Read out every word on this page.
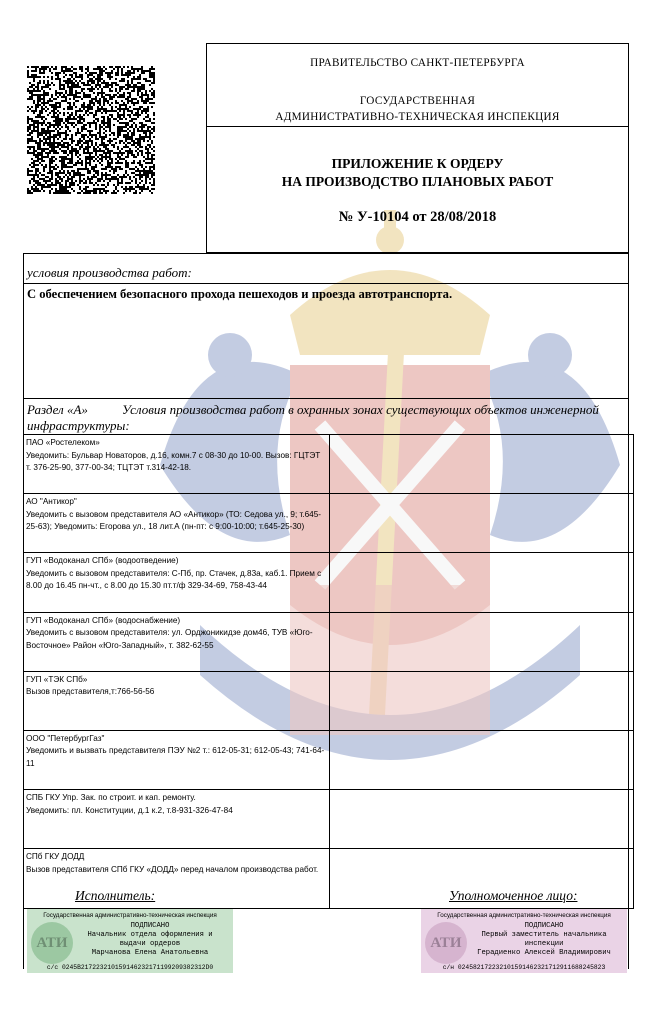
ПРАВИТЕЛЬСТВО САНКТ-ПЕТЕРБУРГА
ГОСУДАРСТВЕННАЯ
АДМИНИСТРАТИВНО-ТЕХНИЧЕСКАЯ ИНСПЕКЦИЯ
ПРИЛОЖЕНИЕ К ОРДЕРУ
НА ПРОИЗВОДСТВО ПЛАНОВЫХ РАБОТ
№ У-10104 от 28/08/2018
условия производства работ:
С обеспечением безопасного прохода пешеходов и проезда автотранспорта.
Раздел «А»	Условия производства работ в охранных зонах существующих объектов инженерной
инфраструктуры:
ПАО «Ростелеком»
Уведомить: Бульвар Новаторов, д.16, комн.7 с 08-30 до 10-00. Вызов: ГЦТЭТ т. 376-25-90, 377-00-34; ТЦТЭТ т.314-42-18.	

АО "Антикор"
Уведомить с вызовом представителя АО «Антикор» (ТО: Седова ул., 9; т.645-25-63); Уведомить: Егорова ул., 18 лит.А (пн-пт: с 9:00-10:00; т.645-25-30)	

ГУП «Водоканал СПб» (водоотведение)
Уведомить с вызовом представителя: С-Пб, пр. Стачек, д.83а, каб.1. Прием с 8.00 до 16.45 пн-чт., с 8.00 до 15.30 пт.т/ф 329-34-69, 758-43-44	

ГУП «Водоканал СПб» (водоснабжение)
Уведомить с вызовом представителя: ул. Орджоникидзе дом46, ТУВ «Юго-Восточное» Район «Юго-Западный», т. 382-62-55	

ГУП «ТЭК СПб»
Вызов представителя,т:766-56-56	

ООО "ПетербургГаз"
Уведомить и вызвать представителя ПЭУ №2 т.: 612-05-31; 612-05-43; 741-64-11	

СПБ ГКУ Упр. Зак. по строит. и кап. ремонту.
Уведомить: пл. Конституции, д.1 к.2, т.8-931-326-47-84	

СПб ГКУ ДОДД
Вызов представителя СПб ГКУ «ДОДД» перед началом производства работ.	

Исполнитель:	Уполномоченное лицо:
АТИ
Государственная административно-техническая инспекция
ПОДПИСАНО
Начальник отдела оформления и
выдачи ордеров
Марчанова Елена Анатольевна
с/с 0245B217223210159146232171199209382312D0
АТИ
Государственная административно-техническая инспекция
ПОДПИСАНО
Первый заместитель начальника
инспекции
Герадиенко Алексей Владимирович
с/н 02458217223210159146232171291168824582З
